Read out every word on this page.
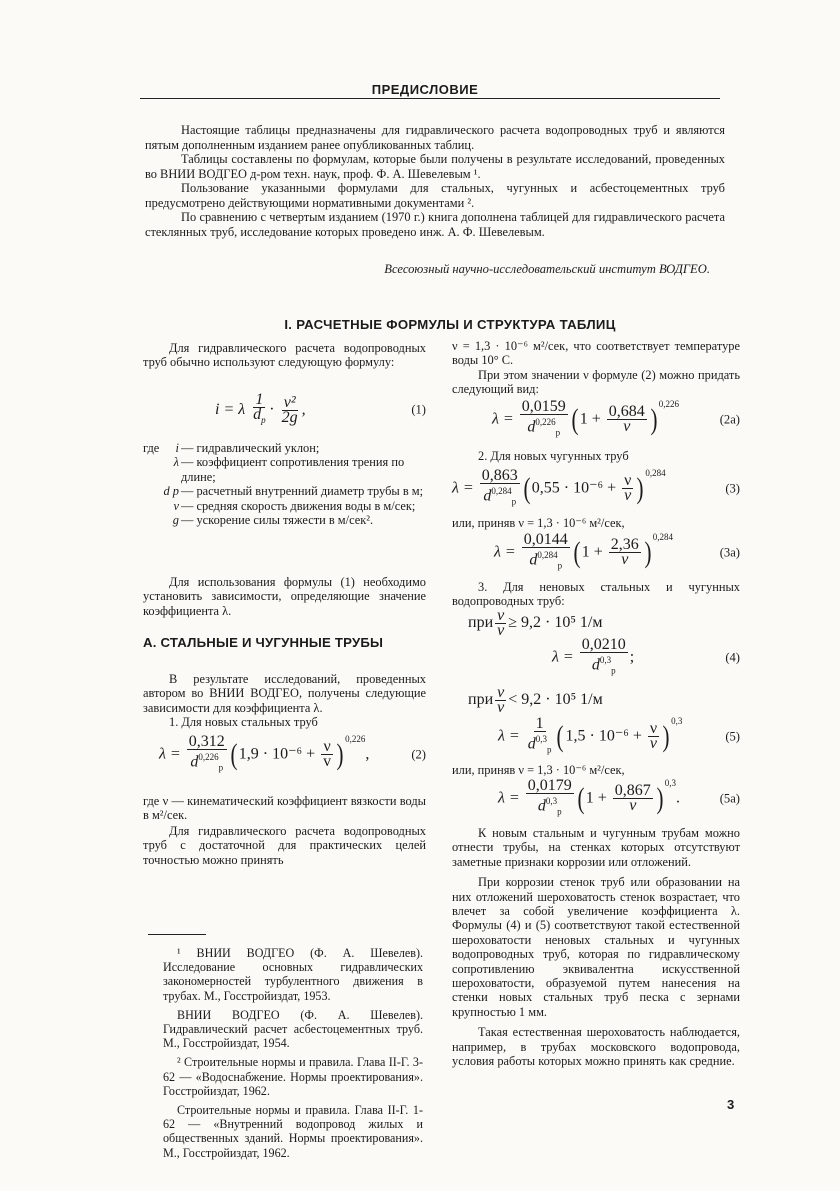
ПРЕДИСЛОВИЕ

Настоящие таблицы предназначены для гидравлического расчета водопроводных труб и являются пятым дополненным изданием ранее опубликованных таблиц.

Таблицы составлены по формулам, которые были получены в результате исследований, проведенных во ВНИИ ВОДГЕО д-ром техн. наук, проф. Ф. А. Шевелевым ¹.

Пользование указанными формулами для стальных, чугунных и асбестоцементных труб предусмотрено действующими нормативными документами ².

По сравнению с четвертым изданием (1970 г.) книга дополнена таблицей для гидравлического расчета стеклянных труб, исследование которых проведено инж. А. Ф. Шевелевым.

Всесоюзный научно-исследовательский институт ВОДГЕО.
I. РАСЧЕТНЫЕ ФОРМУЛЫ И СТРУКТУРА ТАБЛИЦ

Для гидравлического расчета водопроводных труб обычно используют следующую формулу:

i = λ $\frac{1}{d_р} \cdot \frac{\text{v²}}{2g}$ ,	(1)
где	i — гидравлический уклон;
λ — коэффициент сопротивления трения по длине;
d р — расчетный внутренний диаметр трубы в м;
v — средняя скорость движения воды в м/сек;
g — ускорение силы тяжести в м/сек².

Для использования формулы (1) необходимо установить зависимости, определяющие значение коэффициента λ.

А. СТАЛЬНЫЕ И ЧУГУННЫЕ ТРУБЫ

В результате исследований, проведенных автором во ВНИИ ВОДГЕО, получены следующие зависимости для коэффициента λ.

1. Для новых стальных труб

$\lambda = \frac{0,312}{d^{0,226}_р} (1,9 \cdot 10^{-6} + \frac{\nu}{v}$ ) $^{0,226}$,	(2)

где ν — кинематический коэффициент вязкости воды в м²/сек.

Для гидравлического расчета водопроводных труб с достаточной для практических целей точностью можно принять

¹ ВНИИ ВОДГЕО (Ф. А. Шевелев). Исследование основных гидравлических закономерностей турбулентного движения в трубах. М., Госстройиздат, 1953.

ВНИИ ВОДГЕО (Ф. А. Шевелев). Гидравлический расчет асбестоцементных труб. М., Госстройиздат, 1954.

² Строительные нормы и правила. Глава II-Г. 3-62 — «Водоснабжение. Нормы проектирования». Госстройиздат, 1962.

Строительные нормы и правила. Глава II-Г. 1-62 — «Внутренний водопровод жилых и общественных зданий. Нормы проектирования». М., Госстройиздат, 1962.

ν = 1,3 · 10⁻⁶ м²/сек, что соответствует температуре воды 10° С.

При этом значении ν формуле (2) можно придать следующий вид:

$\lambda = \frac{0,0159}{d^{0,226}_р} (1 + \frac{0,684}{v}$ ) $^{0,226}$
(2а)

2. Для новых чугунных труб

$\lambda = \frac{0,863}{d^{0,284}_р} (0,55 \cdot 10^{-6} + \frac{\nu}{v}$ ) $^{0,284}$
(3)

или, приняв ν = 1,3 · 10⁻⁶ м²/сек,

$\lambda = \frac{0,0144}{d^{0,284}_р} (1 + \frac{2,36}{v}$ ) $^{0,284}$
(3а)

3. Для неновых стальных и чугунных водопроводных труб:

при $\frac{v}{\nu} \ge 9,2 \cdot 10^5$ 1/м
$\lambda = \frac{0,0210}{d^{0,3}_р}$ ;	(4)
при $\frac{v}{\nu} < 9,2 \cdot 10^5$ 1/м
$\lambda = \frac{1}{d^{0,3}_р} (1,5 \cdot 10^{-6} + \frac{\nu}{v}$ ) $^{0,3}$
(5)

или, приняв ν = 1,3 · 10⁻⁶ м²/сек,

$\lambda = \frac{0,0179}{d^{0,3}_р} (1 + \frac{0,867}{v}$ ) $^{0,3}$.	(5а)

К новым стальным и чугунным трубам можно отнести трубы, на стенках которых отсутствуют заметные признаки коррозии или отложений.

При коррозии стенок труб или образовании на них отложений шероховатость стенок возрастает, что влечет за собой увеличение коэффициента λ. Формулы (4) и (5) соответствуют такой естественной шероховатости неновых стальных и чугунных водопроводных труб, которая по гидравлическому сопротивлению эквивалентна искусственной шероховатости, образуемой путем нанесения на стенки новых стальных труб песка с зернами крупностью 1 мм.

Такая естественная шероховатость наблюдается, например, в трубах московского водопровода, условия работы которых можно принять как средние.

3
